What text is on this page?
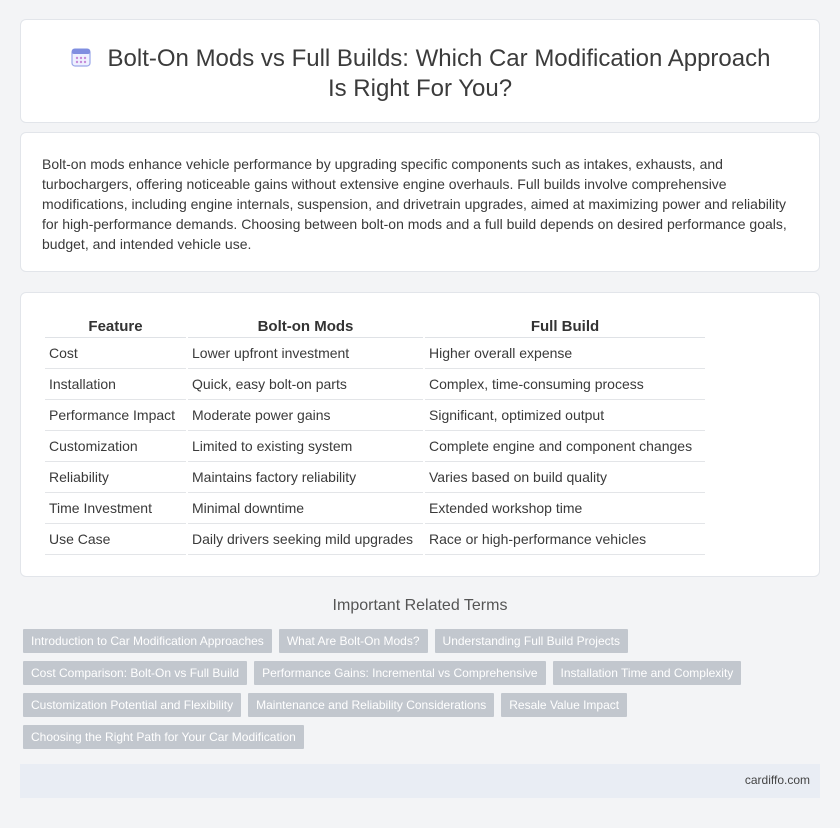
Bolt-On Mods vs Full Builds: Which Car Modification Approach Is Right For You?

Bolt-on mods enhance vehicle performance by upgrading specific components such as intakes, exhausts, and turbochargers, offering noticeable gains without extensive engine overhauls. Full builds involve comprehensive modifications, including engine internals, suspension, and drivetrain upgrades, aimed at maximizing power and reliability for high-performance demands. Choosing between bolt-on mods and a full build depends on desired performance goals, budget, and intended vehicle use.

Feature	Bolt-on Mods	Full Build
Cost	Lower upfront investment	Higher overall expense
Installation	Quick, easy bolt-on parts	Complex, time-consuming process
Performance Impact	Moderate power gains	Significant, optimized output
Customization	Limited to existing system	Complete engine and component changes
Reliability	Maintains factory reliability	Varies based on build quality
Time Investment	Minimal downtime	Extended workshop time
Use Case	Daily drivers seeking mild upgrades	Race or high-performance vehicles
Important Related Terms
Introduction to Car Modification Approaches	What Are Bolt-On Mods?	Understanding Full Build Projects
Cost Comparison: Bolt-On vs Full Build	Performance Gains: Incremental vs Comprehensive	Installation Time and Complexity
Customization Potential and Flexibility	Maintenance and Reliability Considerations	Resale Value Impact
Choosing the Right Path for Your Car Modification
cardiffo.com
